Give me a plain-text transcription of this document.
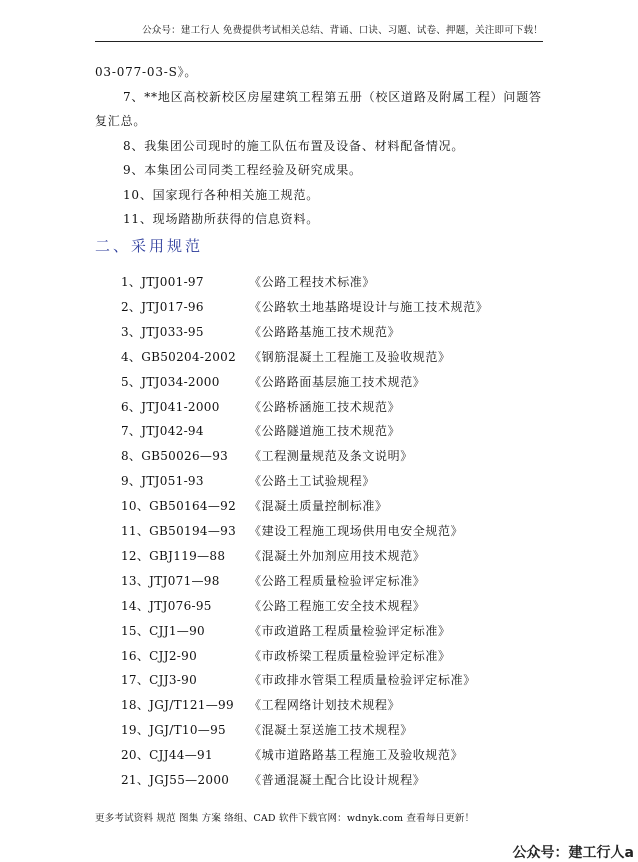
公众号：建工行人 免费提供考试相关总结、背诵、口诀、习题、试卷、押题，关注即可下载！
03-077-03-S》。
7、**地区高校新校区房屋建筑工程第五册（校区道路及附属工程）问题答
复汇总。
8、我集团公司现时的施工队伍布置及设备、材料配备情况。
9、本集团公司同类工程经验及研究成果。
10、国家现行各种相关施工规范。
11、现场踏勘所获得的信息资料。
二、采用规范
1、JTJ001-97	《公路工程技术标准》
2、JTJ017-96	《公路软土地基路堤设计与施工技术规范》
3、JTJ033-95	《公路路基施工技术规范》
4、GB50204-2002 《钢筋混凝土工程施工及验收规范》
5、JTJ034-2000 《公路路面基层施工技术规范》
6、JTJ041-2000 《公路桥涵施工技术规范》
7、JTJ042-94	《公路隧道施工技术规范》
8、GB50026—93 《工程测量规范及条文说明》
9、JTJ051-93	《公路土工试验规程》
10、GB50164—92 《混凝土质量控制标准》
11、GB50194—93 《建设工程施工现场供用电安全规范》
12、GBJ119—88 《混凝土外加剂应用技术规范》
13、JTJ071—98 《公路工程质量检验评定标准》
14、JTJ076-95	《公路工程施工安全技术规程》
15、CJJ1—90	《市政道路工程质量检验评定标准》
16、CJJ2-90	《市政桥梁工程质量检验评定标准》
17、CJJ3-90	《市政排水管渠工程质量检验评定标准》
18、JGJ/T121—99 《工程网络计划技术规程》
19、JGJ/T10—95 《混凝土泵送施工技术规程》
20、CJJ44—91	《城市道路路基工程施工及验收规范》
21、JGJ55—2000 《普通混凝土配合比设计规程》
更多考试资料 规范 图集 方案 络组、CAD 软件下载官网：wdnyk.com 查看每日更新！
公众号：建工行人a
